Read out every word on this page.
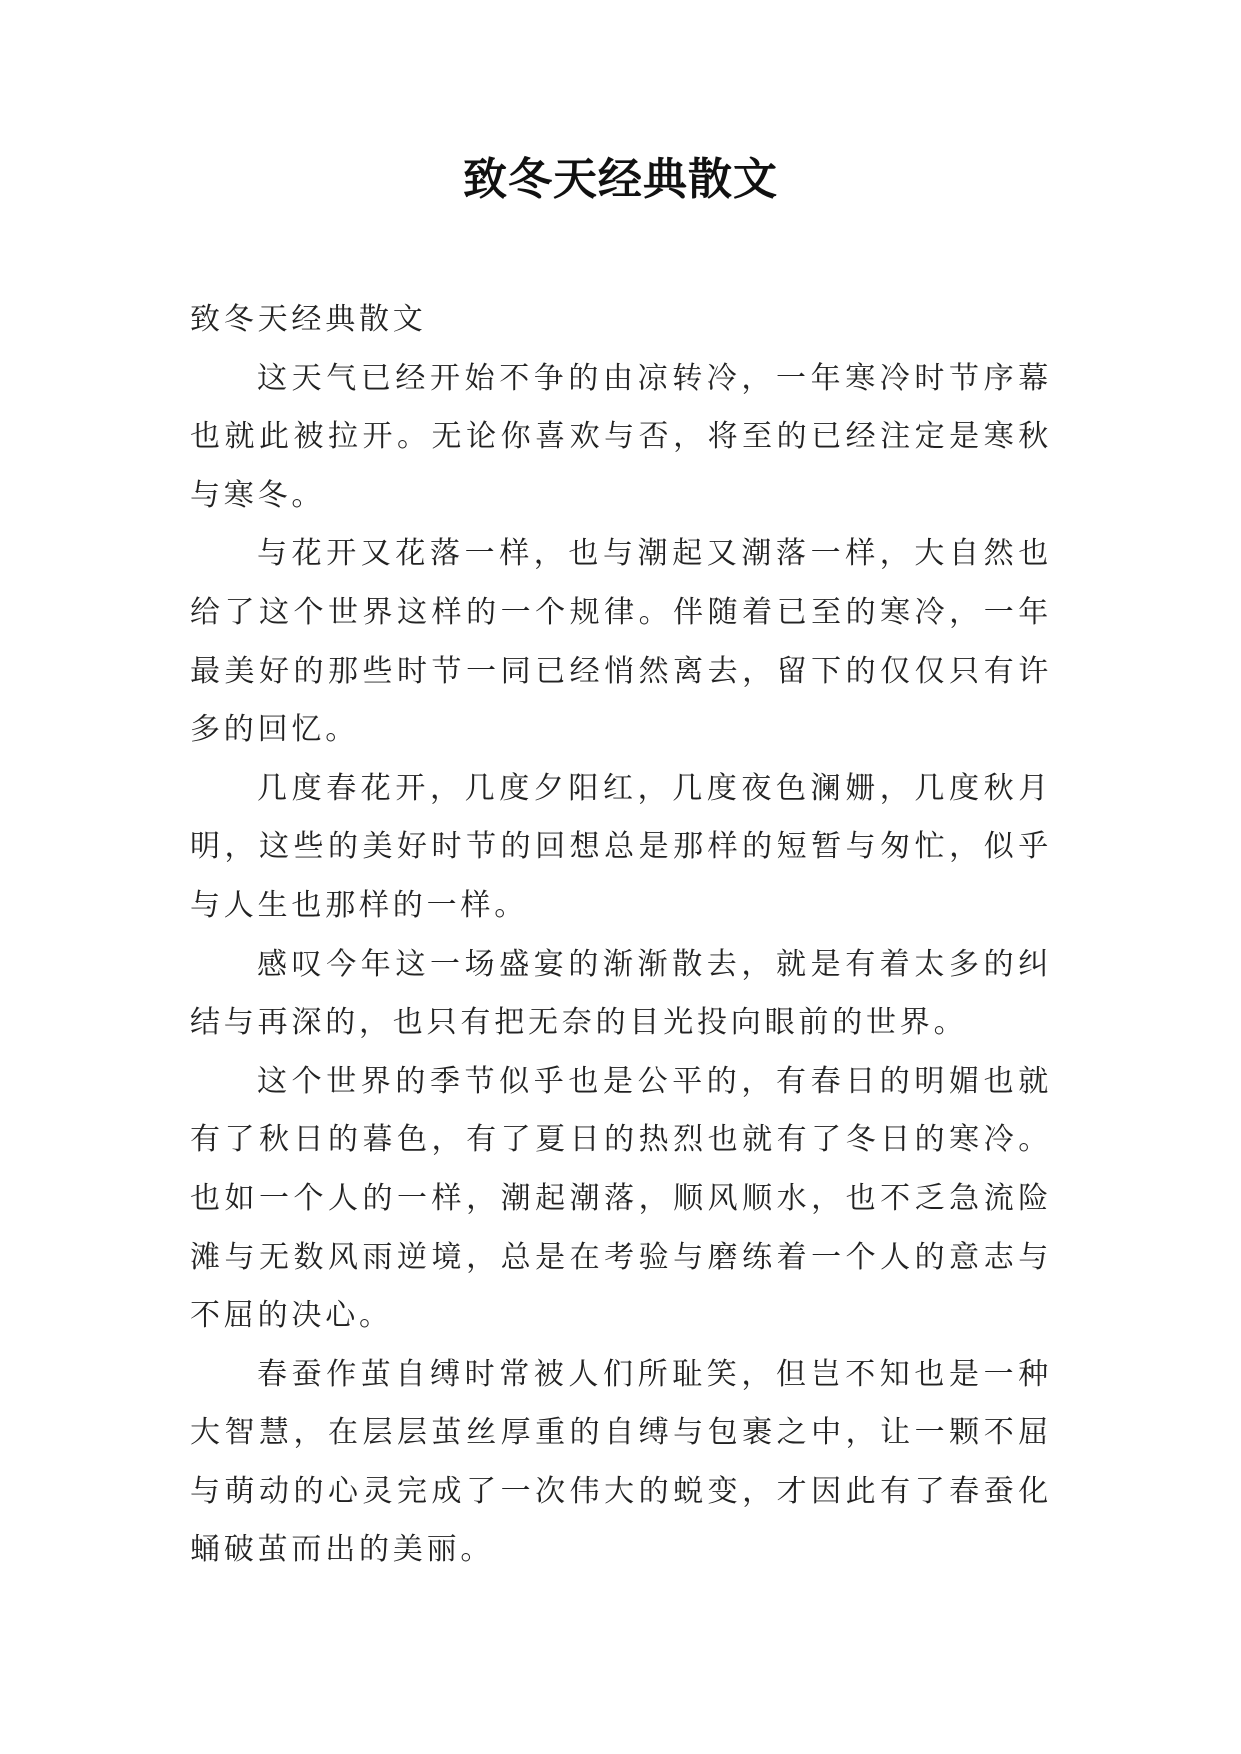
致冬天经典散文

致冬天经典散文

这天气已经开始不争的由凉转冷，一年寒冷时节序幕也就此被拉开。无论你喜欢与否，将至的已经注定是寒秋与寒冬。

与花开又花落一样，也与潮起又潮落一样，大自然也给了这个世界这样的一个规律。伴随着已至的寒冷，一年最美好的那些时节一同已经悄然离去，留下的仅仅只有许多的回忆。

几度春花开，几度夕阳红，几度夜色澜姗，几度秋月明，这些的美好时节的回想总是那样的短暂与匆忙，似乎与人生也那样的一样。

感叹今年这一场盛宴的渐渐散去，就是有着太多的纠结与再深的，也只有把无奈的目光投向眼前的世界。

这个世界的季节似乎也是公平的，有春日的明媚也就有了秋日的暮色，有了夏日的热烈也就有了冬日的寒冷。也如一个人的一样，潮起潮落，顺风顺水，也不乏急流险滩与无数风雨逆境，总是在考验与磨练着一个人的意志与不屈的决心。

春蚕作茧自缚时常被人们所耻笑，但岂不知也是一种大智慧，在层层茧丝厚重的自缚与包裹之中，让一颗不屈与萌动的心灵完成了一次伟大的蜕变，才因此有了春蚕化蛹破茧而出的美丽。
